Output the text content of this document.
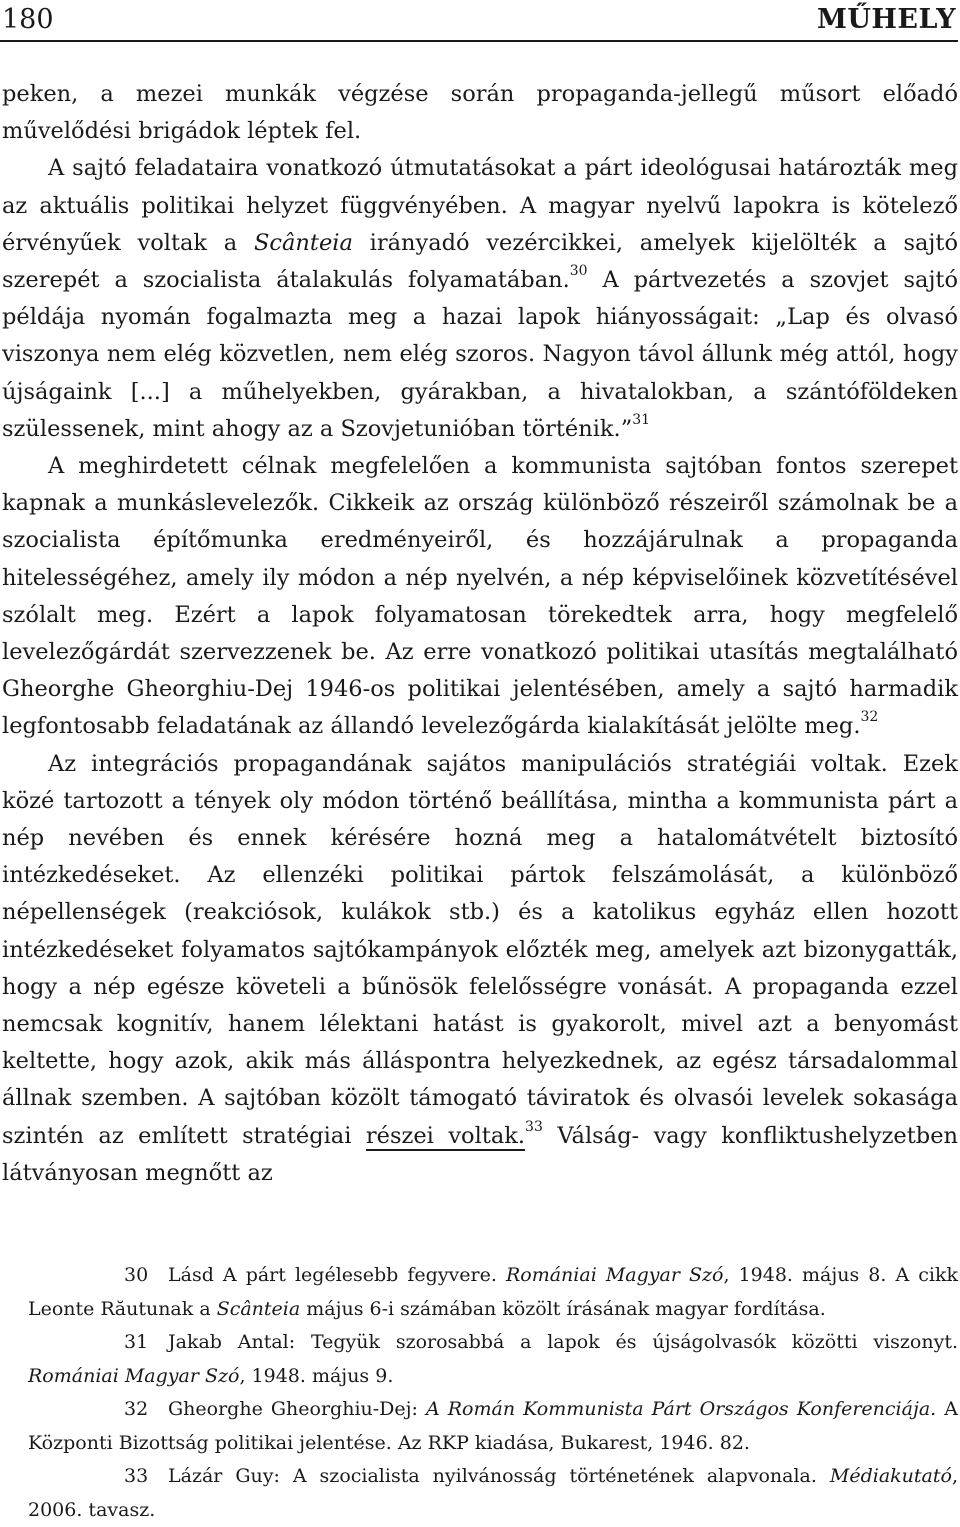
180	MŰHELY

peken, a mezei munkák végzése során propaganda-jellegű műsort előadó művelődési brigádok léptek fel.

A sajtó feladataira vonatkozó útmutatásokat a párt ideológusai határozták meg az aktuális politikai helyzet függvényében. A magyar nyelvű lapokra is kötelező érvényűek voltak a Scânteia irányadó vezércikkei, amelyek kijelölték a sajtó szerepét a szocialista átalakulás folyamatában.$^{30}$ A pártvezetés a szovjet sajtó példája nyomán fogalmazta meg a hazai lapok hiányosságait: „Lap és olvasó viszonya nem elég közvetlen, nem elég szoros. Nagyon távol állunk még attól, hogy újságaink [...] a műhelyekben, gyárakban, a hivatalokban, a szántóföldeken szülessenek, mint ahogy az a Szovjetunióban történik.”$^{31}$

A meghirdetett célnak megfelelően a kommunista sajtóban fontos szerepet kapnak a munkáslevelezők. Cikkeik az ország különböző részeiről számolnak be a szocialista építőmunka eredményeiről, és hozzájárulnak a propaganda hitelességéhez, amely ily módon a nép nyelvén, a nép képviselőinek közvetítésével szólalt meg. Ezért a lapok folyamatosan törekedtek arra, hogy megfelelő levelezőgárdát szervezzenek be. Az erre vonatkozó politikai utasítás megtalálható Gheorghe Gheorghiu-Dej 1946-os politikai jelentésében, amely a sajtó harmadik legfontosabb feladatának az állandó levelezőgárda kialakítását jelölte meg.$^{32}$

Az integrációs propagandának sajátos manipulációs stratégiái voltak. Ezek közé tartozott a tények oly módon történő beállítása, mintha a kommunista párt a nép nevében és ennek kérésére hozná meg a hatalomátvételt biztosító intézkedéseket. Az ellenzéki politikai pártok felszámolását, a különböző népellenségek (reakciósok, kulákok stb.) és a katolikus egyház ellen hozott intézkedéseket folyamatos sajtókampányok előzték meg, amelyek azt bizonygatták, hogy a nép egésze követeli a bűnösök felelősségre vonását. A propaganda ezzel nemcsak kognitív, hanem lélektani hatást is gyakorolt, mivel azt a benyomást keltette, hogy azok, akik más álláspontra helyezkednek, az egész társadalommal állnak szemben. A sajtóban közölt támogató táviratok és olvasói levelek sokasága szintén az említett stratégiai részei voltak.$^{33}$ Válság- vagy konfliktushelyzetben látványosan megnőtt az

30 Lásd A párt legélesebb fegyvere. Romániai Magyar Szó, 1948. május 8. A cikk Leonte Răutunak a Scânteia május 6-i számában közölt írásának magyar fordítása.

31 Jakab Antal: Tegyük szorosabbá a lapok és újságolvasók közötti viszonyt. Romániai Magyar Szó, 1948. május 9.

32 Gheorghe Gheorghiu-Dej: A Román Kommunista Párt Országos Konferenciája. A Központi Bizottság politikai jelentése. Az RKP kiadása, Bukarest, 1946. 82.

33 Lázár Guy: A szocialista nyilvánosság történetének alapvonala. Médiakutató, 2006. tavasz.
